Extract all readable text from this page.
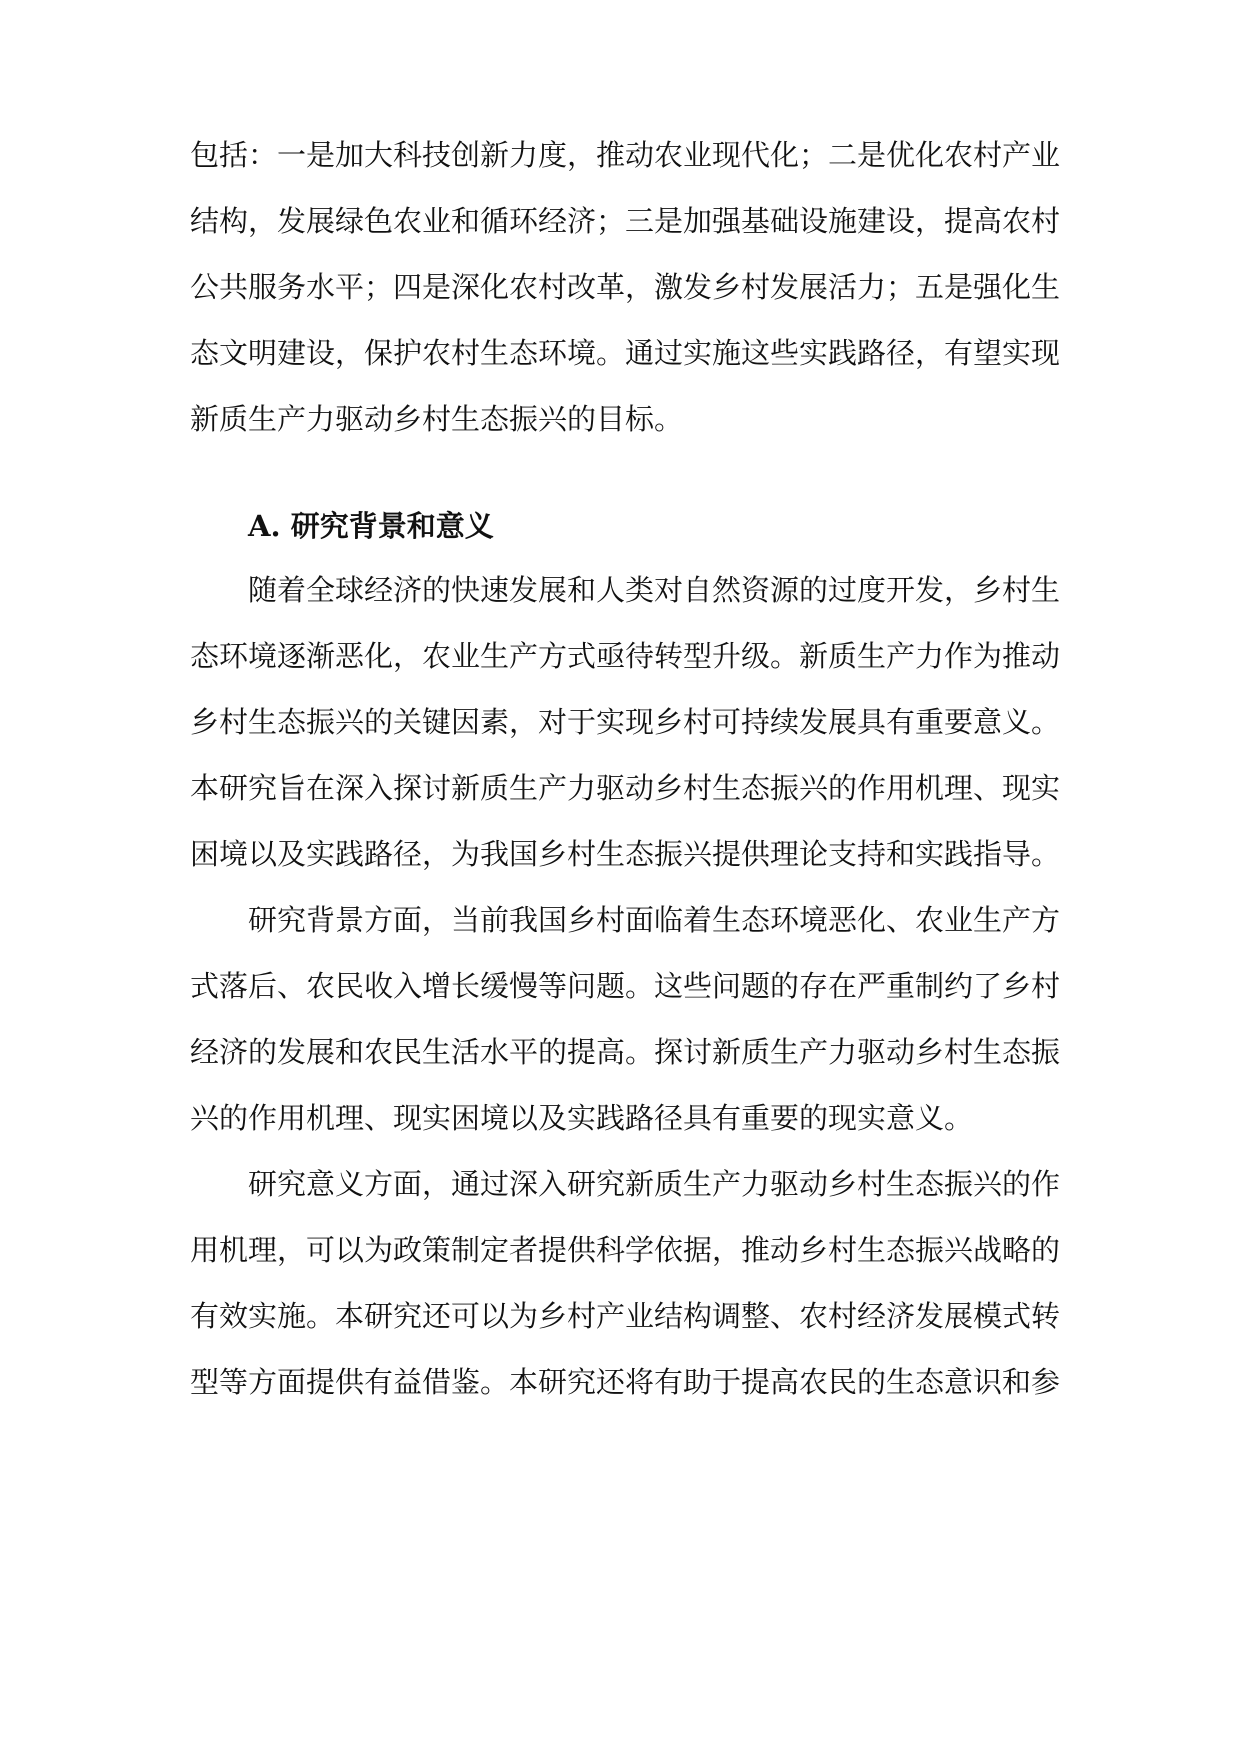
包括：一是加大科技创新力度，推动农业现代化；二是优化农村产业
结构，发展绿色农业和循环经济；三是加强基础设施建设，提高农村
公共服务水平；四是深化农村改革，激发乡村发展活力；五是强化生
态文明建设，保护农村生态环境。通过实施这些实践路径，有望实现
新质生产力驱动乡村生态振兴的目标。
A. 研究背景和意义
随着全球经济的快速发展和人类对自然资源的过度开发，乡村生
态环境逐渐恶化，农业生产方式亟待转型升级。新质生产力作为推动
乡村生态振兴的关键因素，对于实现乡村可持续发展具有重要意义。
本研究旨在深入探讨新质生产力驱动乡村生态振兴的作用机理、现实
困境以及实践路径，为我国乡村生态振兴提供理论支持和实践指导。
研究背景方面，当前我国乡村面临着生态环境恶化、农业生产方
式落后、农民收入增长缓慢等问题。这些问题的存在严重制约了乡村
经济的发展和农民生活水平的提高。探讨新质生产力驱动乡村生态振
兴的作用机理、现实困境以及实践路径具有重要的现实意义。
研究意义方面，通过深入研究新质生产力驱动乡村生态振兴的作
用机理，可以为政策制定者提供科学依据，推动乡村生态振兴战略的
有效实施。本研究还可以为乡村产业结构调整、农村经济发展模式转
型等方面提供有益借鉴。本研究还将有助于提高农民的生态意识和参
